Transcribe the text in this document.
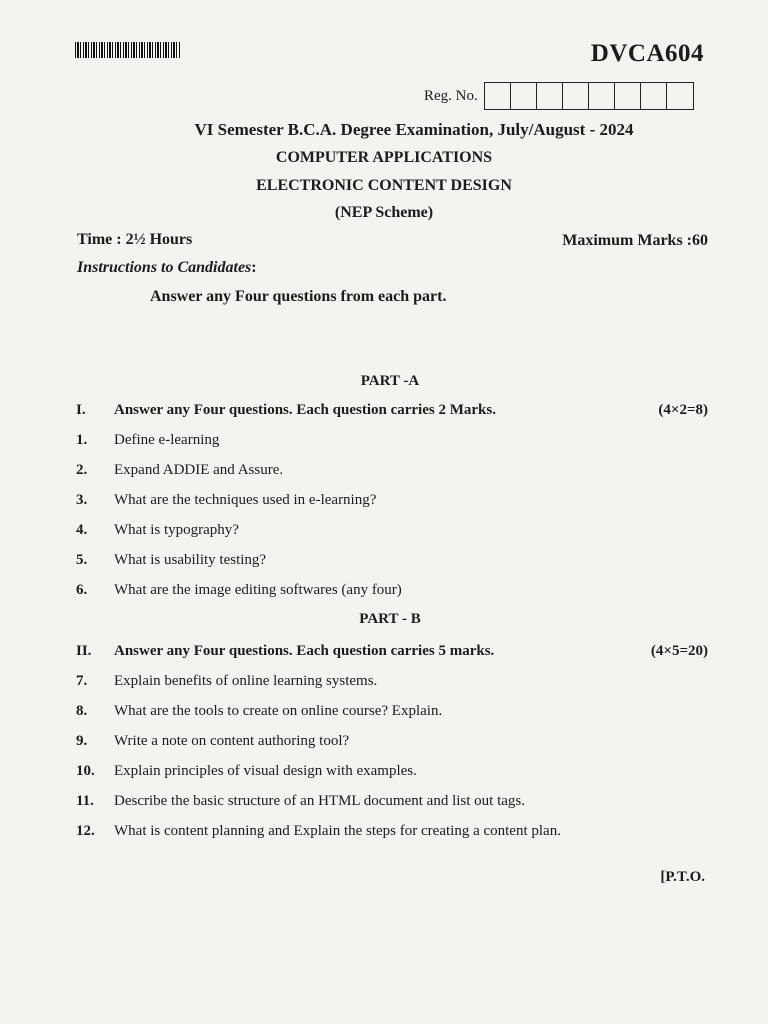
DVCA604
Reg. No.
VI Semester B.C.A. Degree Examination, July/August - 2024
COMPUTER APPLICATIONS
ELECTRONIC CONTENT DESIGN
(NEP Scheme)
Time : 2½ Hours	Maximum Marks :60
Instructions to Candidates:
Answer any Four questions from each part.
PART -A
I.	Answer any Four questions. Each question carries 2 Marks.	(4×2=8)
1.	Define e-learning
2.	Expand ADDIE and Assure.
3.	What are the techniques used in e-learning?
4.	What is typography?
5.	What is usability testing?
6.	What are the image editing softwares (any four)
PART - B
II.	Answer any Four questions. Each question carries 5 marks.	(4×5=20)
7.	Explain benefits of online learning systems.
8.	What are the tools to create on online course? Explain.
9.	Write a note on content authoring tool?
10.	Explain principles of visual design with examples.
11.	Describe the basic structure of an HTML document and list out tags.
12.	What is content planning and Explain the steps for creating a content plan.
[P.T.O.
